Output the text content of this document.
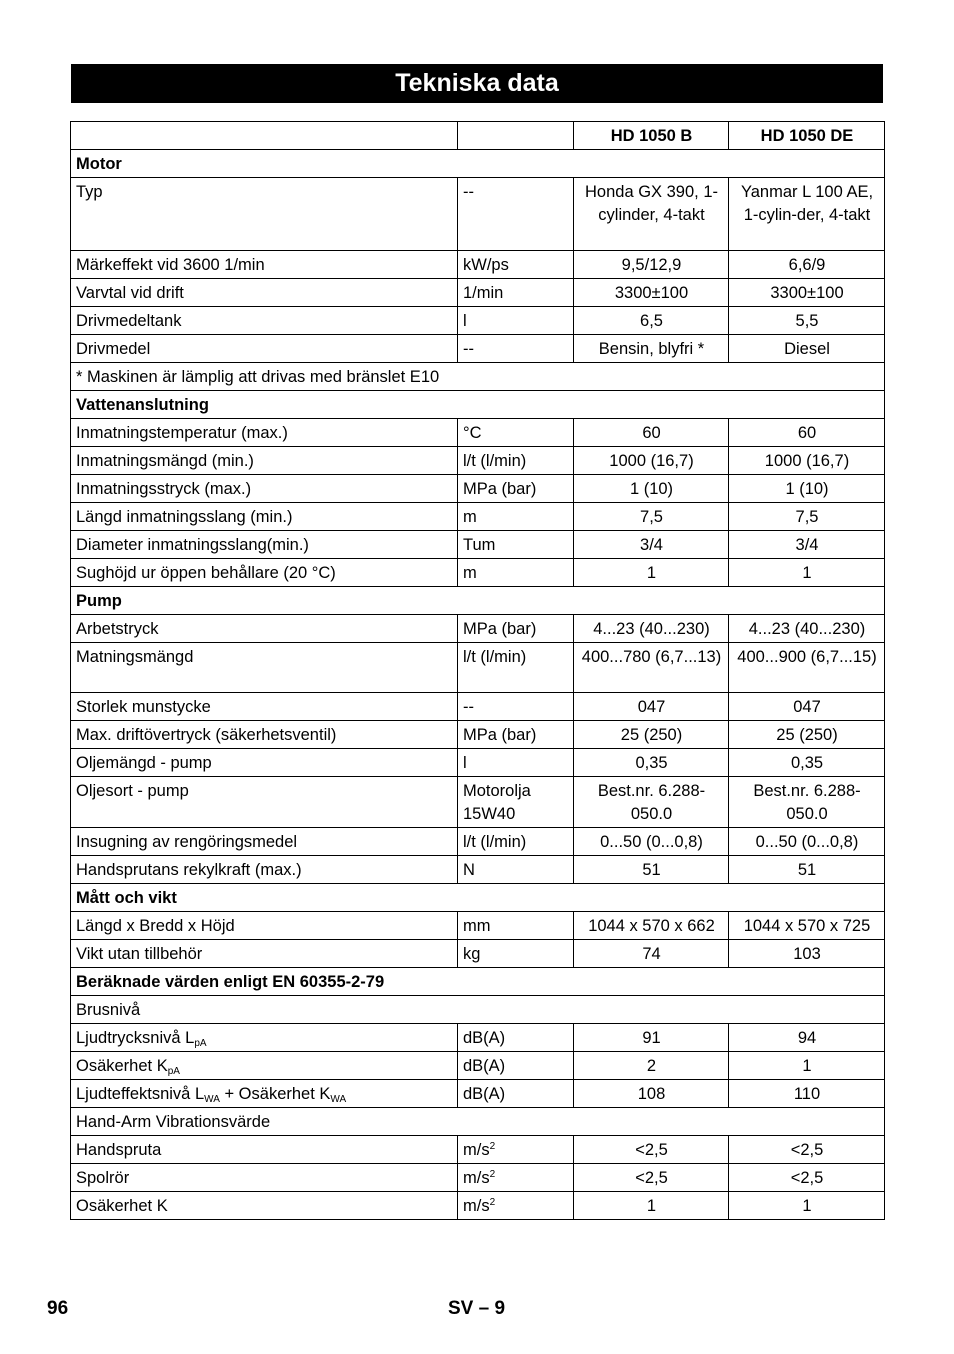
Tekniska data
		HD 1050 B	HD 1050 DE
Motor			
Typ	--	Honda GX 390, 1-cylinder, 4-takt	Yanmar L 100 AE, 1-cylin-der, 4-takt
Märkeffekt vid 3600 1/min	kW/ps	9,5/12,9	6,6/9
Varvtal vid drift	1/min	3300±100	3300±100
Drivmedeltank	l	6,5	5,5
Drivmedel	--	Bensin, blyfri *	Diesel
* Maskinen är lämplig att drivas med bränslet E10			
Vattenanslutning			
Inmatningstemperatur (max.)	°C	60	60
Inmatningsmängd (min.)	l/t (l/min)	1000 (16,7)	1000 (16,7)
Inmatningsstryck (max.)	MPa (bar)	1 (10)	1 (10)
Längd inmatningsslang (min.)	m	7,5	7,5
Diameter inmatningsslang(min.)	Tum	3/4	3/4
Sughöjd ur öppen behållare (20 °C)	m	1	1
Pump			
Arbetstryck	MPa (bar)	4...23 (40...230)	4...23 (40...230)
Matningsmängd	l/t (l/min)	400...780 (6,7...13)	400...900 (6,7...15)
Storlek munstycke	--	047	047
Max. driftövertryck (säkerhetsventil)	MPa (bar)	25 (250)	25 (250)
Oljemängd - pump	l	0,35	0,35
Oljesort - pump	Motorolja 15W40	Best.nr. 6.288-050.0	Best.nr. 6.288-050.0
Insugning av rengöringsmedel	l/t (l/min)	0...50 (0...0,8)	0...50 (0...0,8)
Handsprutans rekylkraft (max.)	N	51	51
Mått och vikt			
Längd x Bredd x Höjd	mm	1044 x 570 x 662	1044 x 570 x 725
Vikt utan tillbehör	kg	74	103
Beräknade värden enligt EN 60355-2-79			
Brusnivå			
Ljudtrycksnivå $L_{pA}$	dB(A)	91	94
Osäkerhet $K_{pA}$	dB(A)	2	1
Ljudteffektsnivå $L_{WA}$ + Osäkerhet $K_{WA}$	dB(A)	108	110
Hand-Arm Vibrationsvärde			
Handspruta	$m/s^2$	<2,5	<2,5
Spolrör	$m/s^2$	<2,5	<2,5
Osäkerhet K	$m/s^2$	1	1
96	SV – 9
